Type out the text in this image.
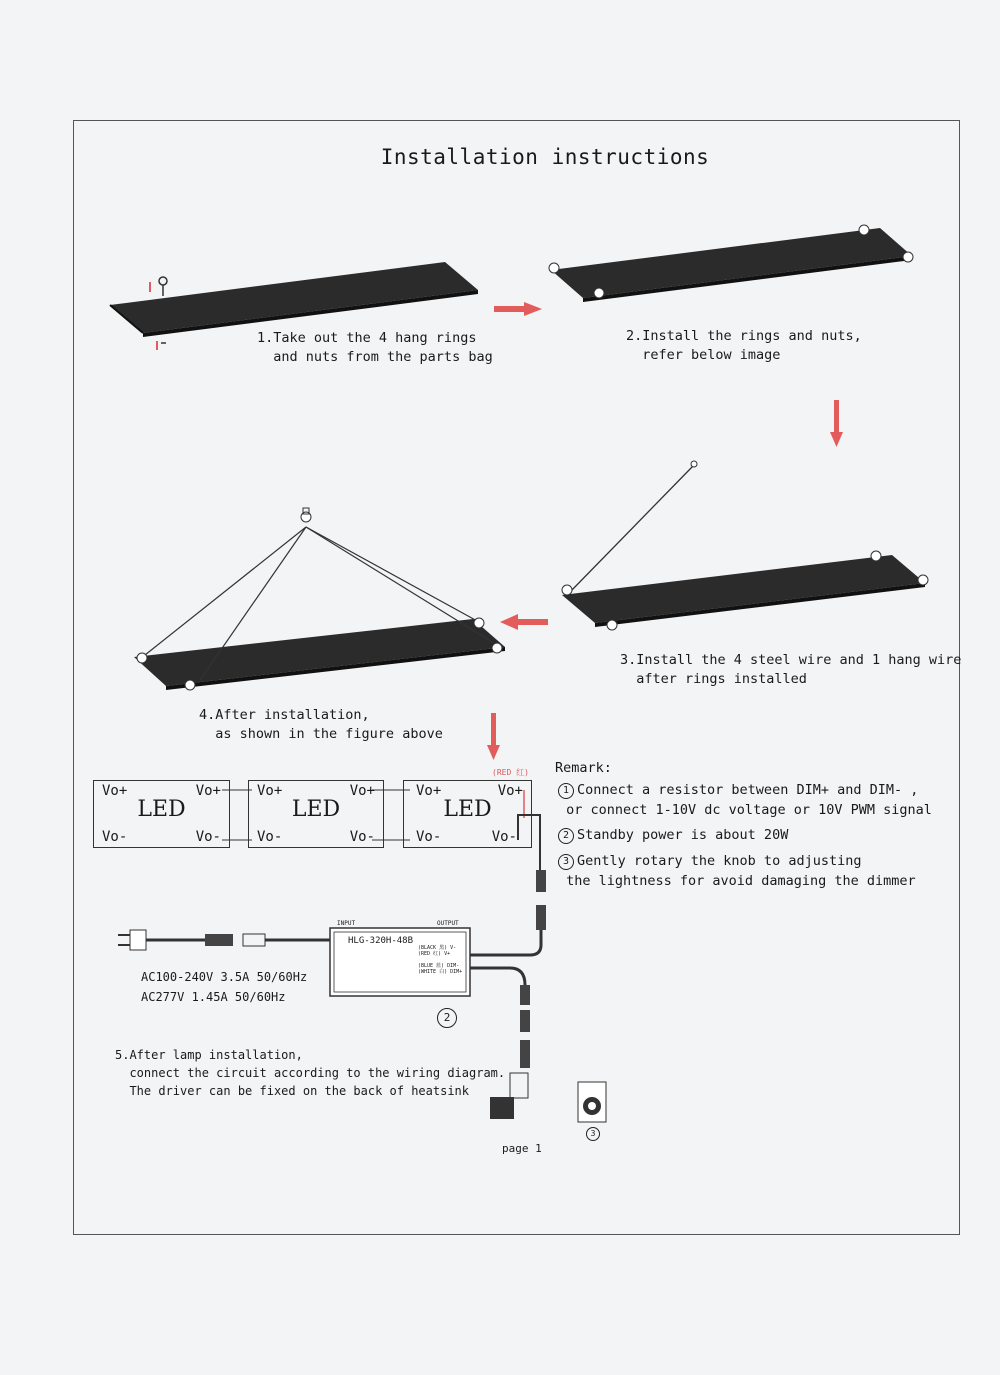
Installation instructions
1.Take out the 4 hang rings
and nuts from the parts bag
2.Install the rings and nuts,
refer below image
3.Install the 4 steel wire and 1 hang wire
after rings installed
4.After installation,
as shown in the figure above
5.After lamp installation,
connect the circuit according to the wiring diagram.
The driver can be fixed on the back of heatsink
Remark:
1 Connect a resistor between DIM+ and DIM- ,
or connect 1-10V dc voltage or 10V PWM signal
2 Standby power is about 20W
3 Gently rotary the knob to adjusting
the lightness for avoid damaging the dimmer
Vo+	Vo+
LED
Vo-	Vo-
Vo+	Vo+
LED
Vo-	Vo-
Vo+	Vo+
LED
Vo-	Vo-
(RED 红)
INPUT	OUTPUT
HLG-320H-48B
(BLACK 黑) V-
(RED 红) V+

(BLUE 蓝) DIM-
(WHITE 白) DIM+
AC100-240V 3.5A 50/60Hz
AC277V 1.45A 50/60Hz
2
3
page 1
